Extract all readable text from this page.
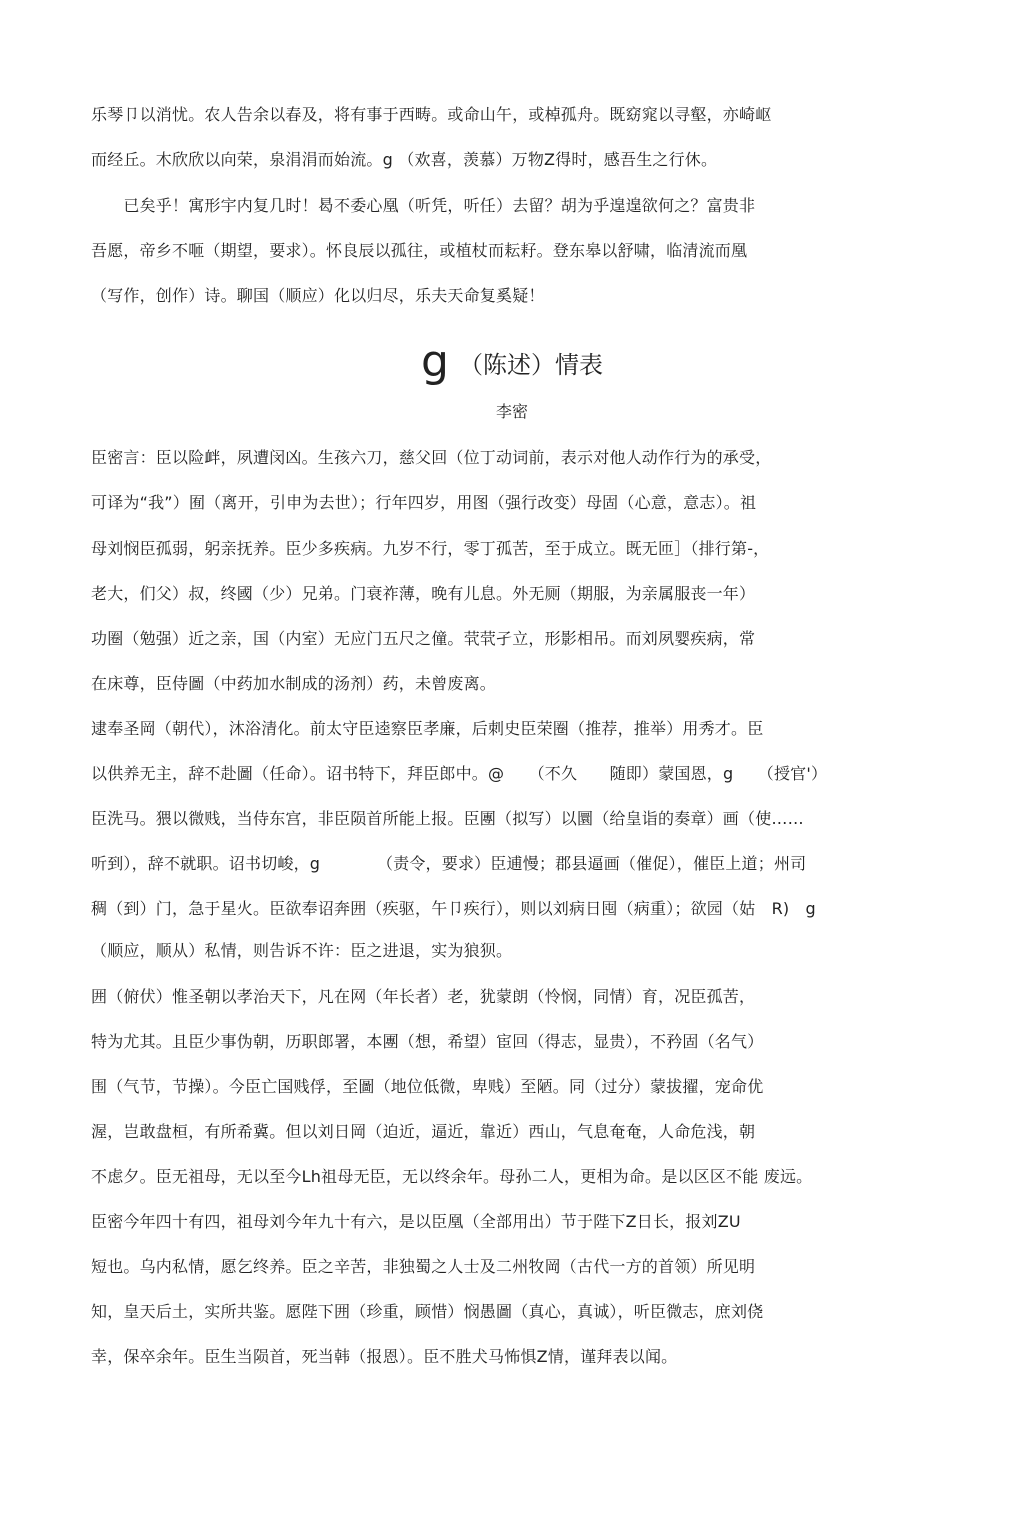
乐琴卩以消忧。农人告余以春及，将有事于西畴。或命山午，或棹孤舟。既窈窕以寻壑，亦崎岖
而经丘。木欣欣以向荣，泉涓涓而始流。g （欢喜，羡慕）万物Z得时，感吾生之行休。
　　已矣乎！寓形宇内复几时！曷不委心凰（听凭，听任）去留？胡为乎遑遑欲何之？富贵非
吾愿，帝乡不咂（期望，要求）。怀良辰以孤往，或植杖而耘耔。登东皋以舒啸，临清流而凰
（写作，创作）诗。聊国（顺应）化以归尽，乐夫天命复奚疑！
g （陈述）情表
李密
臣密言：臣以险衅，夙遭闵凶。生孩六刀，慈父回（位丁动词前，表示对他人动作行为的承受，
可译为“我”）囿（离开，引申为去世）；行年四岁，用图（强行改变）母固（心意，意志）。祖
母刘悯臣孤弱，躬亲抚养。臣少多疾病。九岁不行，零丁孤苦，至于成立。既无匝］（排行第-，
老大，们父）叔，终國（少）兄弟。门衰祚薄，晚有儿息。外无厕（期服，为亲属服丧一年）
功圈（勉强）近之亲，国（内室）无应门五尺之僮。茕茕孑立，形影相吊。而刘夙婴疾病，常
在床尊，臣侍圖（中药加水制成的汤剂）药，未曾废离。
逮奉圣岡（朝代），沐浴清化。前太守臣逵察臣孝廉，后刺史臣荣圈（推荐，推举）用秀才。臣
以供养无主，辞不赴圖（任命）。诏书特下，拜臣郎中。@　　（不久　　随即）蒙国恩，g　　（授官'）
臣洗马。猥以微贱，当侍东宫，非臣陨首所能上报。臣團（拟写）以圜（给皇诣的奏章）画（使……
听到），辞不就职。诏书切峻，g　　　　（责令，要求）臣逋慢；郡县逼画（催促），催臣上道；州司
稠（到）门，急于星火。臣欲奉诏奔囲（疾驱，午卩疾行），则以刘病日囤（病重）；欲园（姑　R)　g
（顺应，顺从）私情，则告诉不许：臣之进退，实为狼狈。
囲（俯伏）惟圣朝以孝治天下，凡在网（年长者）老，犹蒙朗（怜悯，同情）育，况臣孤苦，
特为尤其。且臣少事伪朝，历职郎署，本團（想，希望）宦回（得志，显贵），不矜固（名气）
围（气节，节操）。今臣亡国贱俘，至圖（地位低微，卑贱）至陋。同（过分）蒙拔擢，宠命优
渥，岂敢盘桓，有所希冀。但以刘日岡（迫近，逼近，靠近）西山，气息奄奄，人命危浅，朝
不虑夕。臣无祖母，无以至今Lh祖母无臣，无以终余年。母孙二人，更相为命。是以区区不能 废远。
臣密今年四十有四，祖母刘今年九十有六，是以臣凰（全部用出）节于陛下Z日长，报刘ZU
短也。乌内私情，愿乞终养。臣之辛苦，非独蜀之人士及二州牧岡（古代一方的首领）所见明
知，皇天后土，实所共鉴。愿陛下囲（珍重，顾惜）悯愚圖（真心，真诚），听臣微志，庶刘侥
幸，保卒余年。臣生当陨首，死当韩（报恩）。臣不胜犬马怖惧Z情，谨拜表以闻。
